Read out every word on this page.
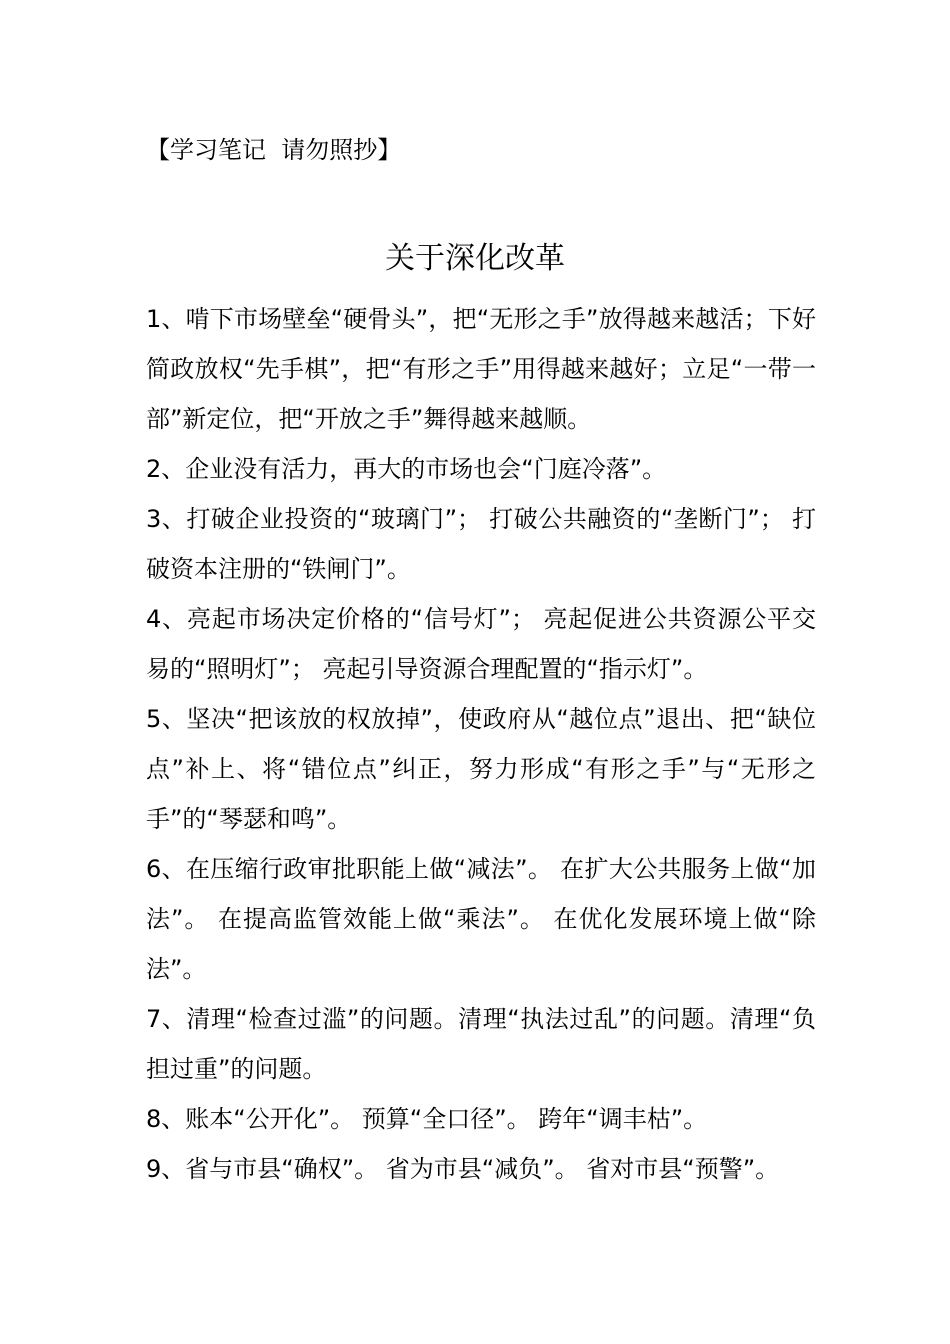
【学习笔记  请勿照抄】
关于深化改革

1、啃下市场壁垒“硬骨头”，把“无形之手”放得越来越活；下好简政放权“先手棋”，把“有形之手”用得越来越好；立足“一带一部”新定位，把“开放之手”舞得越来越顺。

2、企业没有活力，再大的市场也会“门庭冷落”。

3、打破企业投资的“玻璃门”； 打破公共融资的“垄断门”； 打破资本注册的“铁闸门”。

4、亮起市场决定价格的“信号灯”； 亮起促进公共资源公平交易的“照明灯”； 亮起引导资源合理配置的“指示灯”。

5、坚决“把该放的权放掉”，使政府从“越位点”退出、把“缺位点”补上、将“错位点”纠正，努力形成“有形之手”与“无形之手”的“琴瑟和鸣”。

6、在压缩行政审批职能上做“减法”。 在扩大公共服务上做“加法”。 在提高监管效能上做“乘法”。 在优化发展环境上做“除法”。

7、清理“检查过滥”的问题。清理“执法过乱”的问题。清理“负担过重”的问题。

8、账本“公开化”。 预算“全口径”。 跨年“调丰枯”。

9、省与市县“确权”。 省为市县“减负”。 省对市县“预警”。
